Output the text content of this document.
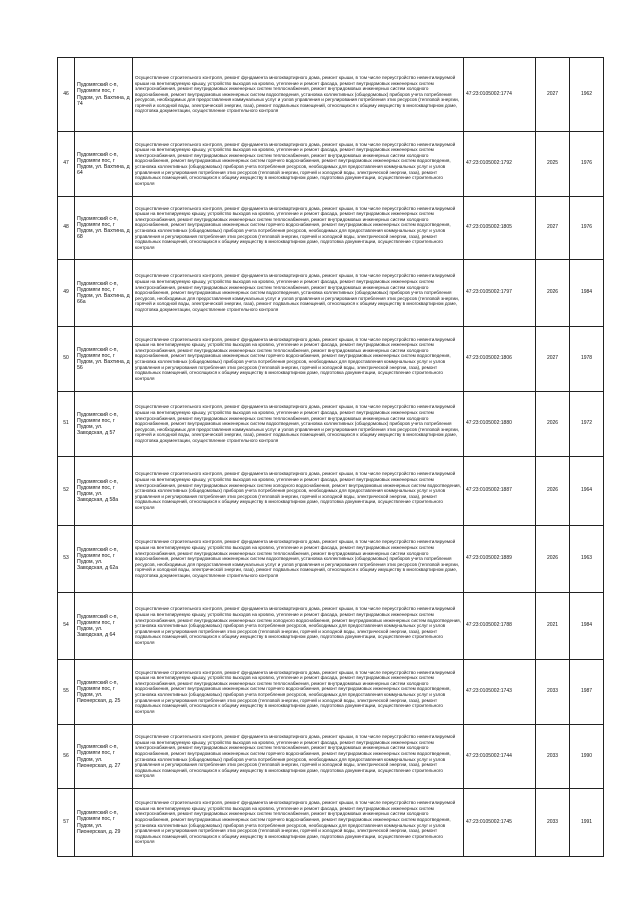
46	Пудомягский с-п, Пудомяги пос, г Пудом, ул. Вахтина, д 74	Осуществление строительного контроля, ремонт фундамента многоквартирного дома, ремонт крыши, в том числе переустройство невентилируемой крыши на вентилируемую крышу, устройство выходов на кровлю, утепление и ремонт фасада, ремонт внутридомовых инженерных систем электроснабжения, ремонт внутридомовых инженерных систем теплоснабжения, ремонт внутридомовых инженерных систем холодного водоснабжения, ремонт внутридомовых инженерных систем водоотведения, установка коллективных (общедомовых) приборов учета потребления ресурсов, необходимых для предоставления коммунальных услуг и узлов управления и регулирования потребления этих ресурсов (тепловой энергии, горячей и холодной воды, электрической энергии, газа), ремонт подвальных помещений, относящихся к общему имуществу в многоквартирном доме, подготовка документации, осуществление строительного контроля	47:23:0105002:1774	2027	1962
47	Пудомягский с-п, Пудомяги пос, г Пудом, ул. Вахтина, д 64	Осуществление строительного контроля, ремонт фундамента многоквартирного дома, ремонт крыши, в том числе переустройство невентилируемой крыши на вентилируемую крышу, устройство выходов на кровлю, утепление и ремонт фасада, ремонт внутридомовых инженерных систем электроснабжения, ремонт внутридомовых инженерных систем теплоснабжения, ремонт внутридомовых инженерных систем холодного водоснабжения, ремонт внутридомовых инженерных систем горячего водоснабжения, ремонт внутридомовых инженерных систем водоотведения, установка коллективных (общедомовых) приборов учета потребления ресурсов, необходимых для предоставления коммунальных услуг и узлов управления и регулирования потребления этих ресурсов (тепловой энергии, горячей и холодной воды, электрической энергии, газа), ремонт подвальных помещений, относящихся к общему имуществу в многоквартирном доме, подготовка документации, осуществление строительного контроля	47:23:0105002:1792	2025	1976
48	Пудомягский с-п, Пудомяги пос, г Пудом, ул. Вахтина, д 68	Осуществление строительного контроля, ремонт фундамента многоквартирного дома, ремонт крыши, в том числе переустройство невентилируемой крыши на вентилируемую крышу, устройство выходов на кровлю, утепление и ремонт фасада, ремонт внутридомовых инженерных систем электроснабжения, ремонт внутридомовых инженерных систем теплоснабжения, ремонт внутридомовых инженерных систем холодного водоснабжения, ремонт внутридомовых инженерных систем горячего водоснабжения, ремонт внутридомовых инженерных систем водоотведения, установка коллективных (общедомовых) приборов учета потребления ресурсов, необходимых для предоставления коммунальных услуг и узлов управления и регулирования потребления этих ресурсов (тепловой энергии, горячей и холодной воды, электрической энергии, газа), ремонт подвальных помещений, относящихся к общему имуществу в многоквартирном доме, подготовка документации, осуществление строительного контроля	47:23:0105002:1805	2027	1976
49	Пудомягский с-п, Пудомяги пос, г Пудом, ул. Вахтина, д 66а	Осуществление строительного контроля, ремонт фундамента многоквартирного дома, ремонт крыши, в том числе переустройство невентилируемой крыши на вентилируемую крышу, устройство выходов на кровлю, утепление и ремонт фасада, ремонт внутридомовых инженерных систем электроснабжения, ремонт внутридомовых инженерных систем теплоснабжения, ремонт внутридомовых инженерных систем холодного водоснабжения, ремонт внутридомовых инженерных систем водоотведения, установка коллективных (общедомовых) приборов учета потребления ресурсов, необходимых для предоставления коммунальных услуг и узлов управления и регулирования потребления этих ресурсов (тепловой энергии, горячей и холодной воды, электрической энергии, газа), ремонт подвальных помещений, относящихся к общему имуществу в многоквартирном доме, подготовка документации, осуществление строительного контроля	47:23:0105002:1797	2026	1984
50	Пудомягский с-п, Пудомяги пос, г Пудом, ул. Вахтина, д 56	Осуществление строительного контроля, ремонт фундамента многоквартирного дома, ремонт крыши, в том числе переустройство невентилируемой крыши на вентилируемую крышу, устройство выходов на кровлю, утепление и ремонт фасада, ремонт внутридомовых инженерных систем электроснабжения, ремонт внутридомовых инженерных систем теплоснабжения, ремонт внутридомовых инженерных систем холодного водоснабжения, ремонт внутридомовых инженерных систем горячего водоснабжения, ремонт внутридомовых инженерных систем водоотведения, установка коллективных (общедомовых) приборов учета потребления ресурсов, необходимых для предоставления коммунальных услуг и узлов управления и регулирования потребления этих ресурсов (тепловой энергии, горячей и холодной воды, электрической энергии, газа), ремонт подвальных помещений, относящихся к общему имуществу в многоквартирном доме, подготовка документации, осуществление строительного контроля	47:23:0105002:1806	2027	1978
51	Пудомягский с-п, Пудомяги пос, г Пудом, ул. Заводская, д 57	Осуществление строительного контроля, ремонт фундамента многоквартирного дома, ремонт крыши, в том числе переустройство невентилируемой крыши на вентилируемую крышу, устройство выходов на кровлю, утепление и ремонт фасада, ремонт внутридомовых инженерных систем электроснабжения, ремонт внутридомовых инженерных систем теплоснабжения, ремонт внутридомовых инженерных систем холодного водоснабжения, ремонт внутридомовых инженерных систем водоотведения, установка коллективных (общедомовых) приборов учета потребления ресурсов, необходимых для предоставления коммунальных услуг и узлов управления и регулирования потребления этих ресурсов (тепловой энергии, горячей и холодной воды, электрической энергии, газа), ремонт подвальных помещений, относящихся к общему имуществу в многоквартирном доме, подготовка документации, осуществление строительного контроля	47:23:0105002:1880	2026	1972
52	Пудомягский с-п, Пудомяги пос, г Пудом, ул. Заводская, д 58а	Осуществление строительного контроля, ремонт фундамента многоквартирного дома, ремонт крыши, в том числе переустройство невентилируемой крыши на вентилируемую крышу, устройство выходов на кровлю, утепление и ремонт фасада, ремонт внутридомовых инженерных систем электроснабжения, ремонт внутридомовых инженерных систем холодного водоснабжения, ремонт внутридомовых инженерных систем водоотведения, установка коллективных (общедомовых) приборов учета потребления ресурсов, необходимых для предоставления коммунальных услуг и узлов управления и регулирования потребления этих ресурсов (тепловой энергии, горячей и холодной воды, электрической энергии, газа), ремонт подвальных помещений, относящихся к общему имуществу в многоквартирном доме, подготовка документации, осуществление строительного контроля	47:23:0105002:1887	2026	1964
53	Пудомягский с-п, Пудомяги пос, г Пудом, ул. Заводская, д 62а	Осуществление строительного контроля, ремонт фундамента многоквартирного дома, ремонт крыши, в том числе переустройство невентилируемой крыши на вентилируемую крышу, устройство выходов на кровлю, утепление и ремонт фасада, ремонт внутридомовых инженерных систем электроснабжения, ремонт внутридомовых инженерных систем теплоснабжения, ремонт внутридомовых инженерных систем холодного водоснабжения, ремонт внутридомовых инженерных систем водоотведения, установка коллективных (общедомовых) приборов учета потребления ресурсов, необходимых для предоставления коммунальных услуг и узлов управления и регулирования потребления этих ресурсов (тепловой энергии, горячей и холодной воды, электрической энергии, газа), ремонт подвальных помещений, относящихся к общему имуществу в многоквартирном доме, подготовка документации, осуществление строительного контроля	47:23:0105002:1889	2026	1963
54	Пудомягский с-п, Пудомяги пос, г Пудом, ул. Заводская, д 64	Осуществление строительного контроля, ремонт фундамента многоквартирного дома, ремонт крыши, в том числе переустройство невентилируемой крыши на вентилируемую крышу, устройство выходов на кровлю, утепление и ремонт фасада, ремонт внутридомовых инженерных систем электроснабжения, ремонт внутридомовых инженерных систем холодного водоснабжения, ремонт внутридомовых инженерных систем водоотведения, установка коллективных (общедомовых) приборов учета потребления ресурсов, необходимых для предоставления коммунальных услуг и узлов управления и регулирования потребления этих ресурсов (тепловой энергии, горячей и холодной воды, электрической энергии, газа), ремонт подвальных помещений, относящихся к общему имуществу в многоквартирном доме, подготовка документации, осуществление строительного контроля	47:23:0105002:1788	2021	1984
55	Пудомягский с-п, Пудомяги пос, г Пудом, ул. Пионерская, д. 25	Осуществление строительного контроля, ремонт фундамента многоквартирного дома, ремонт крыши, в том числе переустройство невентилируемой крыши на вентилируемую крышу, устройство выходов на кровлю, утепление и ремонт фасада, ремонт внутридомовых инженерных систем электроснабжения, ремонт внутридомовых инженерных систем теплоснабжения, ремонт внутридомовых инженерных систем холодного водоснабжения, ремонт внутридомовых инженерных систем горячего водоснабжения, ремонт внутридомовых инженерных систем водоотведения, установка коллективных (общедомовых) приборов учета потребления ресурсов, необходимых для предоставления коммунальных услуг и узлов управления и регулирования потребления этих ресурсов (тепловой энергии, горячей и холодной воды, электрической энергии, газа), ремонт подвальных помещений, относящихся к общему имуществу в многоквартирном доме, подготовка документации, осуществление строительного контроля	47:23:0105002:1743	2033	1987
56	Пудомягский с-п, Пудомяги пос, г Пудом, ул. Пионерская, д. 27	Осуществление строительного контроля, ремонт фундамента многоквартирного дома, ремонт крыши, в том числе переустройство невентилируемой крыши на вентилируемую крышу, устройство выходов на кровлю, утепление и ремонт фасада, ремонт внутридомовых инженерных систем электроснабжения, ремонт внутридомовых инженерных систем теплоснабжения, ремонт внутридомовых инженерных систем холодного водоснабжения, ремонт внутридомовых инженерных систем горячего водоснабжения, ремонт внутридомовых инженерных систем водоотведения, установка коллективных (общедомовых) приборов учета потребления ресурсов, необходимых для предоставления коммунальных услуг и узлов управления и регулирования потребления этих ресурсов (тепловой энергии, горячей и холодной воды, электрической энергии, газа), ремонт подвальных помещений, относящихся к общему имуществу в многоквартирном доме, подготовка документации, осуществление строительного контроля	47:23:0105002:1744	2033	1990
57	Пудомягский с-п, Пудомяги пос, г Пудом, ул. Пионерская, д. 29	Осуществление строительного контроля, ремонт фундамента многоквартирного дома, ремонт крыши, в том числе переустройство невентилируемой крыши на вентилируемую крышу, устройство выходов на кровлю, утепление и ремонт фасада, ремонт внутридомовых инженерных систем электроснабжения, ремонт внутридомовых инженерных систем теплоснабжения, ремонт внутридомовых инженерных систем холодного водоснабжения, ремонт внутридомовых инженерных систем горячего водоснабжения, ремонт внутридомовых инженерных систем водоотведения, установка коллективных (общедомовых) приборов учета потребления ресурсов, необходимых для предоставления коммунальных услуг и узлов управления и регулирования потребления этих ресурсов (тепловой энергии, горячей и холодной воды, электрической энергии, газа), ремонт подвальных помещений, относящихся к общему имуществу в многоквартирном доме, подготовка документации, осуществление строительного контроля	47:23:0105002:1745	2033	1991
